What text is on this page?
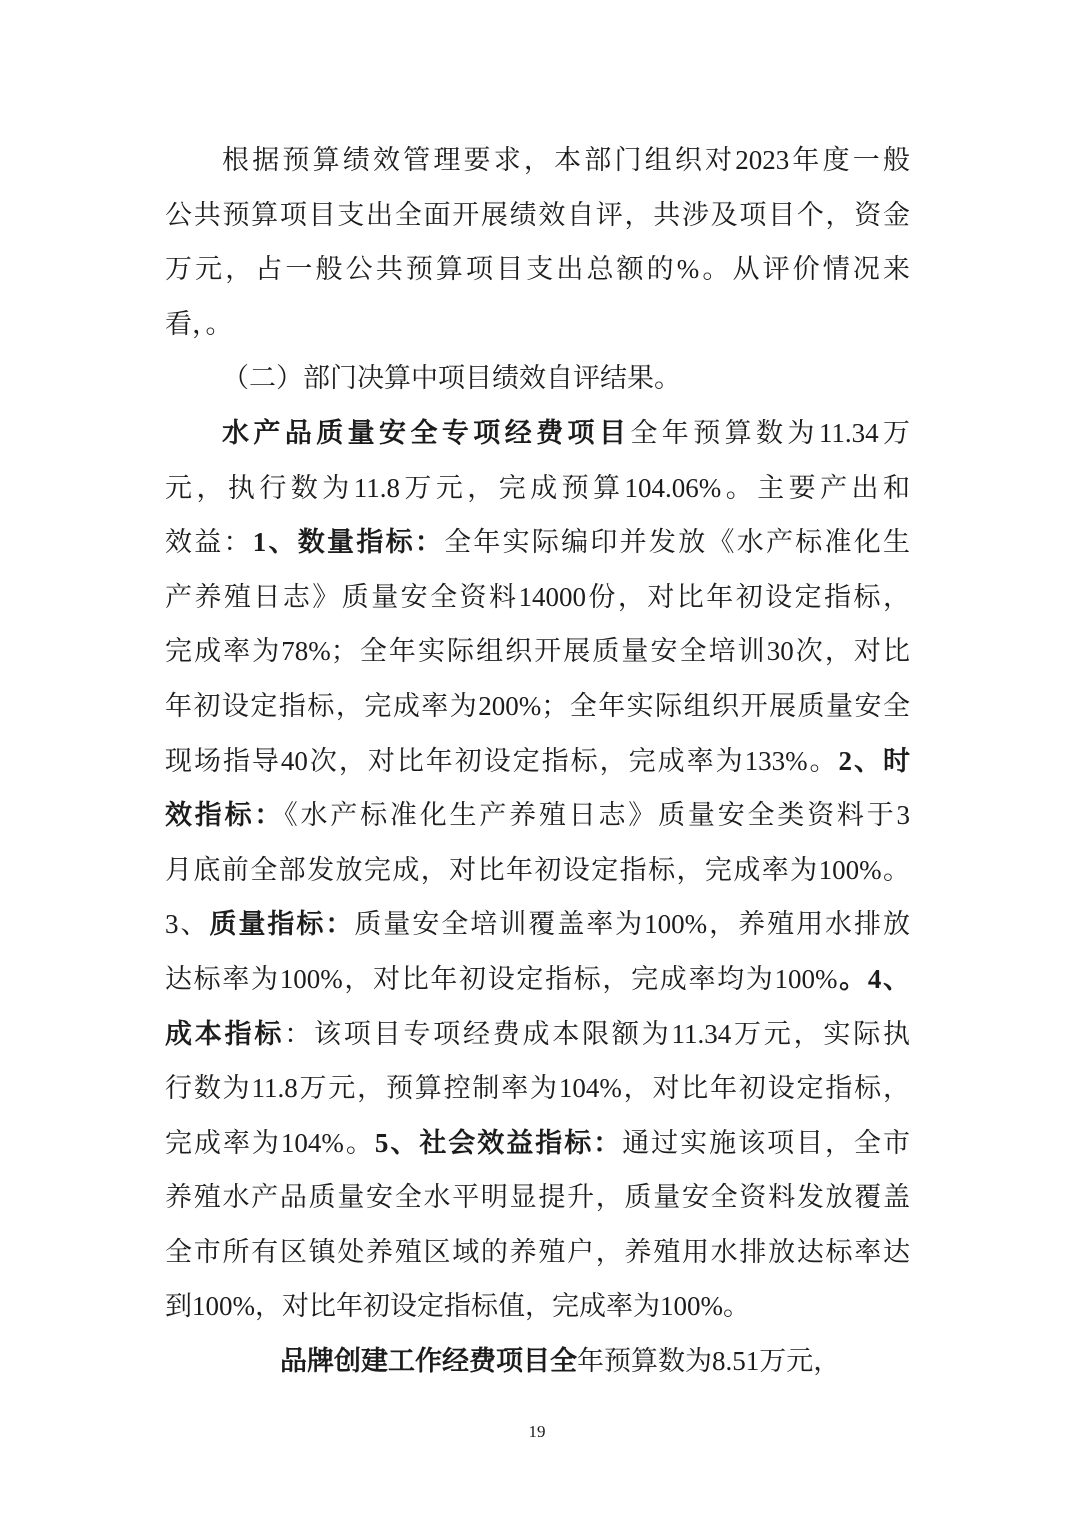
根据预算绩效管理要求，本部门组织对2023年度一般
公共预算项目支出全面开展绩效自评，共涉及项目个，资金
万元，占一般公共预算项目支出总额的%。从评价情况来
看，。
（二）部门决算中项目绩效自评结果。
水产品质量安全专项经费项目全年预算数为11.34万
元，执行数为11.8万元，完成预算104.06%。主要产出和
效益：1、数量指标：全年实际编印并发放《水产标准化生
产养殖日志》质量安全资料14000份，对比年初设定指标，
完成率为78%；全年实际组织开展质量安全培训30次，对比
年初设定指标，完成率为200%；全年实际组织开展质量安全
现场指导40次，对比年初设定指标，完成率为133%。2、时
效指标：《水产标准化生产养殖日志》质量安全类资料于3
月底前全部发放完成，对比年初设定指标，完成率为100%。
3、质量指标：质量安全培训覆盖率为100%，养殖用水排放
达标率为100%，对比年初设定指标，完成率均为100%。4、
成本指标：该项目专项经费成本限额为11.34万元，实际执
行数为11.8万元，预算控制率为104%，对比年初设定指标，
完成率为104%。5、社会效益指标：通过实施该项目，全市
养殖水产品质量安全水平明显提升，质量安全资料发放覆盖
全市所有区镇处养殖区域的养殖户，养殖用水排放达标率达
到100%，对比年初设定指标值，完成率为100%。
品牌创建工作经费项目全年预算数为8.51万元，
19
